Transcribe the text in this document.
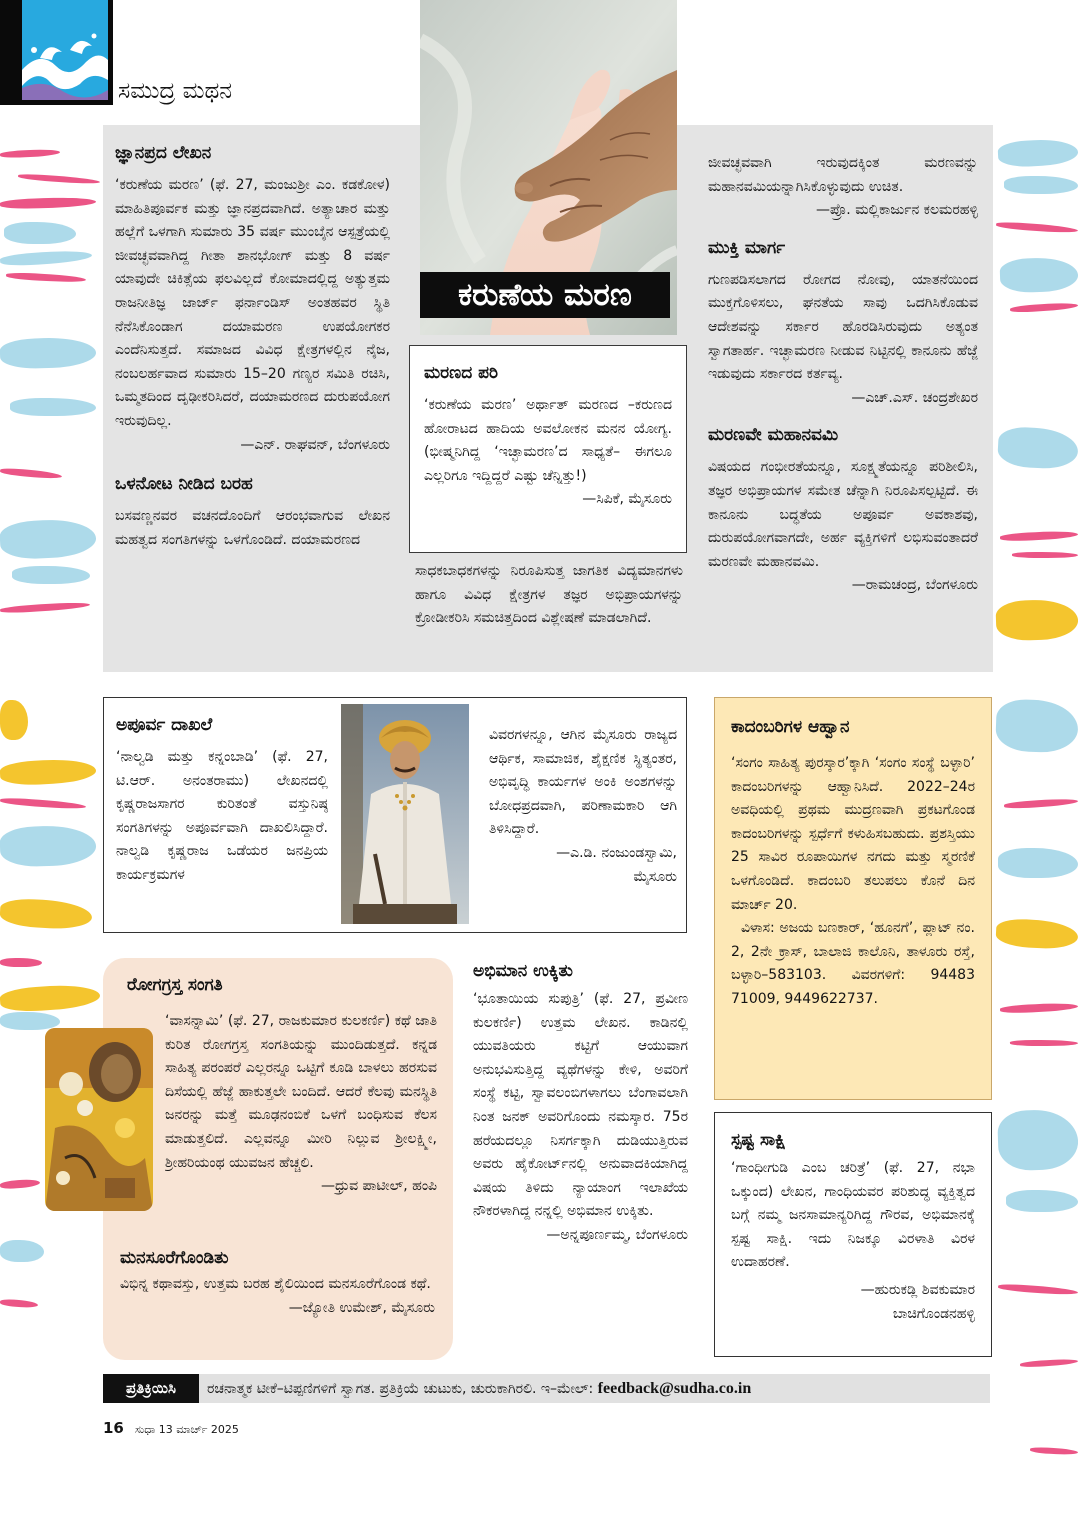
ಸಮುದ್ರ ಮಥನ
ಕರುಣೆಯ ಮರಣ
ಜ್ಞಾನಪ್ರದ ಲೇಖನ

‘ಕರುಣೆಯ ಮರಣ’ (ಫೆ. 27, ಮಂಜುಶ್ರೀ ಎಂ. ಕಡಕೋಳ) ಮಾಹಿತಿಪೂರ್ವಕ ಮತ್ತು ಜ್ಞಾನಪ್ರದವಾಗಿದೆ. ಅತ್ಯಾಚಾರ ಮತ್ತು ಹಲ್ಲೆಗೆ ಒಳಗಾಗಿ ಸುಮಾರು 35 ವರ್ಷ ಮುಂಬೈನ ಆಸ್ಪತ್ರೆಯಲ್ಲಿ ಜೀವಚ್ಛವವಾಗಿದ್ದ ಗೀತಾ ಶಾನಭೋಗ್ ಮತ್ತು 8 ವರ್ಷ ಯಾವುದೇ ಚಿಕಿತ್ಸೆಯ ಫಲವಿಲ್ಲದೆ ಕೋಮಾದಲ್ಲಿದ್ದ ಅತ್ಯುತ್ತಮ ರಾಜನೀತಿಜ್ಞ ಜಾರ್ಜ್ ಫರ್ನಾಂಡಿಸ್ ಅಂತಹವರ ಸ್ಥಿತಿ ನೆನೆಸಿಕೊಂಡಾಗ ದಯಾಮರಣ ಉಪಯೋಗಕರ ಎಂದೆನಿಸುತ್ತದೆ. ಸಮಾಜದ ವಿವಿಧ ಕ್ಷೇತ್ರಗಳಲ್ಲಿನ ನೈಜ, ನಂಬಲರ್ಹವಾದ ಸುಮಾರು 15–20 ಗಣ್ಯರ ಸಮಿತಿ ರಚಿಸಿ, ಒಮ್ಮತದಿಂದ ದೃಢೀಕರಿಸಿದರೆ, ದಯಾಮರಣದ ದುರುಪಯೋಗ ಇರುವುದಿಲ್ಲ.

—ಎನ್. ರಾಘವನ್, ಬೆಂಗಳೂರು

ಒಳನೋಟ ನೀಡಿದ ಬರಹ

ಬಸವಣ್ಣನವರ ವಚನದೊಂದಿಗೆ ಆರಂಭವಾಗುವ ಲೇಖನ ಮಹತ್ವದ ಸಂಗತಿಗಳನ್ನು ಒಳಗೊಂಡಿದೆ. ದಯಾಮರಣದ

ಮರಣದ ಪರಿ

‘ಕರುಣೆಯ ಮರಣ’ ಅರ್ಥಾತ್ ಮರಣದ –ಕರುಣದ ಹೋರಾಟದ ಹಾದಿಯ ಅವಲೋಕನ ಮನನ ಯೋಗ್ಯ. (ಭೀಷ್ಮನಿಗಿದ್ದ ‘ಇಚ್ಛಾಮರಣ’ದ ಸಾಧ್ಯತೆ– ಈಗಲೂ ಎಲ್ಲರಿಗೂ ಇದ್ದಿದ್ದರೆ ಎಷ್ಟು ಚೆನ್ನಿತ್ತು!)

—ಸಿಪಿಕೆ, ಮೈಸೂರು

ಸಾಧಕಬಾಧಕಗಳನ್ನು ನಿರೂಪಿಸುತ್ತ ಜಾಗತಿಕ ವಿದ್ಯಮಾನಗಳು ಹಾಗೂ ವಿವಿಧ ಕ್ಷೇತ್ರಗಳ ತಜ್ಞರ ಅಭಿಪ್ರಾಯಗಳನ್ನು ಕ್ರೋಡೀಕರಿಸಿ ಸಮಚಿತ್ತದಿಂದ ವಿಶ್ಲೇಷಣೆ ಮಾಡಲಾಗಿದೆ.

ಜೀವಚ್ಛವವಾಗಿ ಇರುವುದಕ್ಕಿಂತ ಮರಣವನ್ನು ಮಹಾನವಮಿಯನ್ನಾಗಿಸಿಕೊಳ್ಳುವುದು ಉಚಿತ.

—ಪ್ರೊ. ಮಲ್ಲಿಕಾರ್ಜುನ ಕಲಮರಹಳ್ಳಿ

ಮುಕ್ತಿ ಮಾರ್ಗ

ಗುಣಪಡಿಸಲಾಗದ ರೋಗದ ನೋವು, ಯಾತನೆಯಿಂದ ಮುಕ್ತಗೊಳಿಸಲು, ಘನತೆಯ ಸಾವು ಒದಗಿಸಿಕೊಡುವ ಆದೇಶವನ್ನು ಸರ್ಕಾರ ಹೊರಡಿಸಿರುವುದು ಅತ್ಯಂತ ಸ್ವಾಗತಾರ್ಹ. ಇಚ್ಛಾಮರಣ ನೀಡುವ ನಿಟ್ಟಿನಲ್ಲಿ ಕಾನೂನು ಹೆಜ್ಜೆ ಇಡುವುದು ಸರ್ಕಾರದ ಕರ್ತವ್ಯ.

—ಎಚ್.ಎಸ್. ಚಂದ್ರಶೇಖರ

ಮರಣವೇ ಮಹಾನವಮಿ

ವಿಷಯದ ಗಂಭೀರತೆಯನ್ನೂ, ಸೂಕ್ಷ್ಮತೆಯನ್ನೂ ಪರಿಶೀಲಿಸಿ, ತಜ್ಞರ ಅಭಿಪ್ರಾಯಗಳ ಸಮೇತ ಚೆನ್ನಾಗಿ ನಿರೂಪಿಸಲ್ಪಟ್ಟಿದೆ. ಈ ಕಾನೂನು ಬದ್ಧತೆಯ ಅಪೂರ್ವ ಅವಕಾಶವು, ದುರುಪಯೋಗವಾಗದೇ, ಅರ್ಹ ವ್ಯಕ್ತಿಗಳಿಗೆ ಲಭಿಸುವಂತಾದರೆ ಮರಣವೇ ಮಹಾನವಮಿ.

—ರಾಮಚಂದ್ರ, ಬೆಂಗಳೂರು

ಅಪೂರ್ವ ದಾಖಲೆ

‘ನಾಲ್ವಡಿ ಮತ್ತು ಕನ್ನಂಬಾಡಿ’ (ಫೆ. 27, ಟಿ.ಆರ್. ಅನಂತರಾಮು) ಲೇಖನದಲ್ಲಿ ಕೃಷ್ಣರಾಜಸಾಗರ ಕುರಿತಂತೆ ವಸ್ತುನಿಷ್ಠ ಸಂಗತಿಗಳನ್ನು ಅಪೂರ್ವವಾಗಿ ದಾಖಲಿಸಿದ್ದಾರೆ. ನಾಲ್ವಡಿ ಕೃಷ್ಣರಾಜ ಒಡೆಯರ ಜನಪ್ರಿಯ ಕಾರ್ಯಕ್ರಮಗಳ

ವಿವರಗಳನ್ನೂ, ಆಗಿನ ಮೈಸೂರು ರಾಜ್ಯದ ಆರ್ಥಿಕ, ಸಾಮಾಜಿಕ, ಶೈಕ್ಷಣಿಕ ಸ್ಥಿತ್ಯಂತರ, ಅಭಿವೃದ್ಧಿ ಕಾರ್ಯಗಳ ಅಂಕಿ ಅಂಶಗಳನ್ನು ಬೋಧಪ್ರದವಾಗಿ, ಪರಿಣಾಮಕಾರಿ ಆಗಿ ತಿಳಿಸಿದ್ದಾರೆ.

—ಎ.ಡಿ. ನಂಜುಂಡಸ್ವಾಮಿ,

ಮೈಸೂರು

ಕಾದಂಬರಿಗಳ ಆಹ್ವಾನ

‘ಸಂಗಂ ಸಾಹಿತ್ಯ ಪುರಸ್ಕಾರ’ಕ್ಕಾಗಿ ‘ಸಂಗಂ ಸಂಸ್ಥೆ ಬಳ್ಳಾರಿ’ ಕಾದಂಬರಿಗಳನ್ನು ಆಹ್ವಾನಿಸಿದೆ. 2022–24ರ ಅವಧಿಯಲ್ಲಿ ಪ್ರಥಮ ಮುದ್ರಣವಾಗಿ ಪ್ರಕಟಗೊಂಡ ಕಾದಂಬರಿಗಳನ್ನು ಸ್ಪರ್ಧೆಗೆ ಕಳುಹಿಸಬಹುದು. ಪ್ರಶಸ್ತಿಯು 25 ಸಾವಿರ ರೂಪಾಯಿಗಳ ನಗದು ಮತ್ತು ಸ್ಮರಣಿಕೆ ಒಳಗೊಂಡಿದೆ. ಕಾದಂಬರಿ ತಲುಪಲು ಕೊನೆ ದಿನ ಮಾರ್ಚ್ 20.

ವಿಳಾಸ: ಅಜಯ ಬಣಕಾರ್, ‘ಹೂನಗೆ’, ಪ್ಲಾಟ್ ನಂ. 2, 2ನೇ ಕ್ರಾಸ್, ಬಾಲಾಜಿ ಕಾಲೊನಿ, ತಾಳೂರು ರಸ್ತೆ, ಬಳ್ಳಾರಿ–583103. ವಿವರಗಳಿಗೆ: 94483 71009, 9449622737.

ರೋಗಗ್ರಸ್ತ ಸಂಗತಿ

‘ವಾಸನ್ನಾಮಿ’ (ಫೆ. 27, ರಾಜಕುಮಾರ ಕುಲಕರ್ಣಿ) ಕಥೆ ಜಾತಿ ಕುರಿತ ರೋಗಗ್ರಸ್ತ ಸಂಗತಿಯನ್ನು ಮುಂದಿಡುತ್ತದೆ. ಕನ್ನಡ ಸಾಹಿತ್ಯ ಪರಂಪರೆ ಎಲ್ಲರನ್ನೂ ಒಟ್ಟಿಗೆ ಕೂಡಿ ಬಾಳಲು ಹರಸುವ ದಿಸೆಯಲ್ಲಿ ಹೆಜ್ಜೆ ಹಾಕುತ್ತಲೇ ಬಂದಿದೆ. ಆದರೆ ಕೆಲವು ಮನಸ್ಥಿತಿ ಜನರನ್ನು ಮತ್ತೆ ಮೂಢನಂಬಿಕೆ ಒಳಗೆ ಬಂಧಿಸುವ ಕೆಲಸ ಮಾಡುತ್ತಲಿದೆ. ಎಲ್ಲವನ್ನೂ ಮೀರಿ ನಿಲ್ಲುವ ಶ್ರೀಲಕ್ಷ್ಮೀ, ಶ್ರೀಹರಿಯಂಥ ಯುವಜನ ಹೆಚ್ಚಲಿ.

—ಧ್ರುವ ಪಾಟೀಲ್, ಹಂಪಿ

ಮನಸೂರೆಗೊಂಡಿತು

ವಿಭಿನ್ನ ಕಥಾವಸ್ತು, ಉತ್ತಮ ಬರಹ ಶೈಲಿಯಿಂದ ಮನಸೂರೆಗೊಂಡ ಕಥೆ.

—ಜ್ಯೋತಿ ಉಮೇಶ್, ಮೈಸೂರು

ಅಭಿಮಾನ ಉಕ್ಕಿತು

‘ಭೂತಾಯಿಯ ಸುಪುತ್ರಿ’ (ಫೆ. 27, ಪ್ರವೀಣ ಕುಲಕರ್ಣಿ) ಉತ್ತಮ ಲೇಖನ. ಕಾಡಿನಲ್ಲಿ ಯುವತಿಯರು ಕಟ್ಟಿಗೆ ಆಯುವಾಗ ಅನುಭವಿಸುತ್ತಿದ್ದ ವ್ಯಥೆಗಳನ್ನು ಕೇಳಿ, ಅವರಿಗೆ ಸಂಸ್ಥೆ ಕಟ್ಟಿ, ಸ್ವಾವಲಂಬಿಗಳಾಗಲು ಬೆಂಗಾವಲಾಗಿ ನಿಂತ ಜನಕ್ ಅವರಿಗೊಂದು ನಮಸ್ಕಾರ. 75ರ ಹರೆಯದಲ್ಲೂ ನಿಸರ್ಗಕ್ಕಾಗಿ ದುಡಿಯುತ್ತಿರುವ ಅವರು ಹೈಕೋರ್ಟ್‌ನಲ್ಲಿ ಅನುವಾದಕಿಯಾಗಿದ್ದ ವಿಷಯ ತಿಳಿದು ನ್ಯಾಯಾಂಗ ಇಲಾಖೆಯ ನೌಕರಳಾಗಿದ್ದ ನನ್ನಲ್ಲಿ ಅಭಿಮಾನ ಉಕ್ಕಿತು.

—ಅನ್ನಪೂರ್ಣಮ್ಮ, ಬೆಂಗಳೂರು

ಸ್ಪಷ್ಟ ಸಾಕ್ಷಿ

‘ಗಾಂಧೀಗುಡಿ ಎಂಬ ಚರಿತ್ರೆ’ (ಫೆ. 27, ನಭಾ ಒಕ್ಕುಂದ) ಲೇಖನ, ಗಾಂಧಿಯವರ ಪರಿಶುದ್ಧ ವ್ಯಕ್ತಿತ್ವದ ಬಗ್ಗೆ ನಮ್ಮ ಜನಸಾಮಾನ್ಯರಿಗಿದ್ದ ಗೌರವ, ಅಭಿಮಾನಕ್ಕೆ ಸ್ಪಷ್ಟ ಸಾಕ್ಷಿ. ಇದು ನಿಜಕ್ಕೂ ವಿರಳಾತಿ ವಿರಳ ಉದಾಹರಣೆ.

—ಹುರುಕಡ್ಲಿ ಶಿವಕುಮಾರ

ಬಾಚಿಗೊಂಡನಹಳ್ಳಿ

ಪ್ರತಿಕ್ರಿಯಿಸಿ	ರಚನಾತ್ಮಕ ಟೀಕೆ–ಟಿಪ್ಪಣಿಗಳಿಗೆ ಸ್ವಾಗತ. ಪ್ರತಿಕ್ರಿಯೆ ಚುಟುಕು, ಚುರುಕಾಗಿರಲಿ. ಇ–ಮೇಲ್: feedback@sudha.co.in
16 ಸುಧಾ 13 ಮಾರ್ಚ್ 2025
